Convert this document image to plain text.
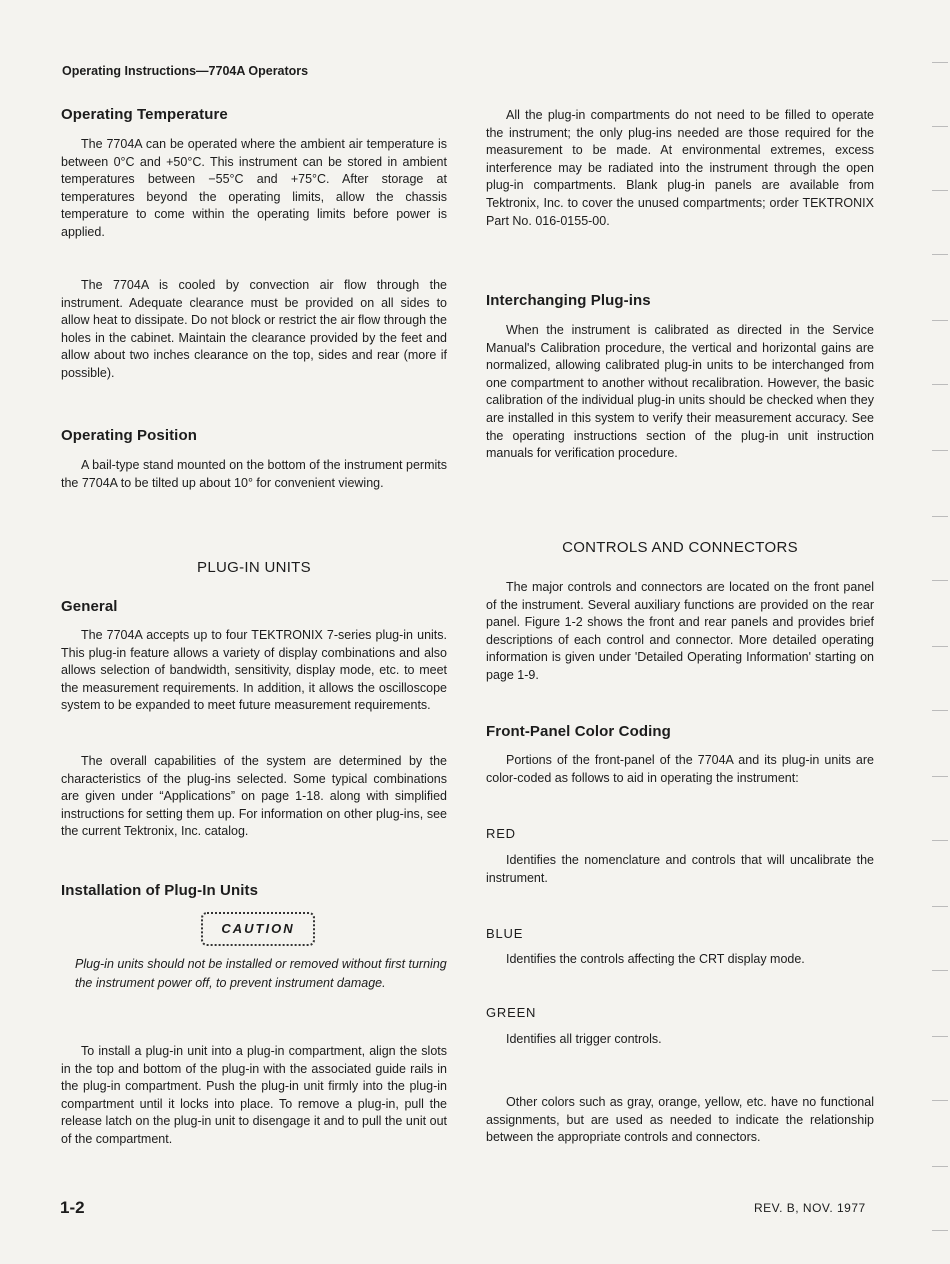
Operating Instructions—7704A Operators
Operating Temperature

The 7704A can be operated where the ambient air temperature is between 0°C and +50°C. This instrument can be stored in ambient temperatures between −55°C and +75°C. After storage at temperatures beyond the operating limits, allow the chassis temperature to come within the operating limits before power is applied.

The 7704A is cooled by convection air flow through the instrument. Adequate clearance must be provided on all sides to allow heat to dissipate. Do not block or restrict the air flow through the holes in the cabinet. Maintain the clearance provided by the feet and allow about two inches clearance on the top, sides and rear (more if possible).

Operating Position

A bail-type stand mounted on the bottom of the instrument permits the 7704A to be tilted up about 10° for convenient viewing.

PLUG-IN UNITS
General

The 7704A accepts up to four TEKTRONIX 7-series plug-in units. This plug-in feature allows a variety of display combinations and also allows selection of bandwidth, sensitivity, display mode, etc. to meet the measurement requirements. In addition, it allows the oscilloscope system to be expanded to meet future measurement requirements.

The overall capabilities of the system are determined by the characteristics of the plug-ins selected. Some typical combinations are given under “Applications” on page 1-18. along with simplified instructions for setting them up. For information on other plug-ins, see the current Tektronix, Inc. catalog.

Installation of Plug-In Units
CAUTION

Plug-in units should not be installed or removed without first turning the instrument power off, to prevent instrument damage.

To install a plug-in unit into a plug-in compartment, align the slots in the top and bottom of the plug-in with the associated guide rails in the plug-in compartment. Push the plug-in unit firmly into the plug-in compartment until it locks into place. To remove a plug-in, pull the release latch on the plug-in unit to disengage it and to pull the unit out of the compartment.

All the plug-in compartments do not need to be filled to operate the instrument; the only plug-ins needed are those required for the measurement to be made. At environmental extremes, excess interference may be radiated into the instrument through the open plug-in compartments. Blank plug-in panels are available from Tektronix, Inc. to cover the unused compartments; order TEKTRONIX Part No. 016-0155-00.

Interchanging Plug-ins

When the instrument is calibrated as directed in the Service Manual's Calibration procedure, the vertical and horizontal gains are normalized, allowing calibrated plug-in units to be interchanged from one compartment to another without recalibration. However, the basic calibration of the individual plug-in units should be checked when they are installed in this system to verify their measurement accuracy. See the operating instructions section of the plug-in unit instruction manuals for verification procedure.

CONTROLS AND CONNECTORS

The major controls and connectors are located on the front panel of the instrument. Several auxiliary functions are provided on the rear panel. Figure 1-2 shows the front and rear panels and provides brief descriptions of each control and connector. More detailed operating information is given under 'Detailed Operating Information' starting on page 1-9.

Front-Panel Color Coding

Portions of the front-panel of the 7704A and its plug-in units are color-coded as follows to aid in operating the instrument:

RED

Identifies the nomenclature and controls that will uncalibrate the instrument.

BLUE

Identifies the controls affecting the CRT display mode.

GREEN

Identifies all trigger controls.

Other colors such as gray, orange, yellow, etc. have no functional assignments, but are used as needed to indicate the relationship between the appropriate controls and connectors.

1-2	REV. B, NOV. 1977
